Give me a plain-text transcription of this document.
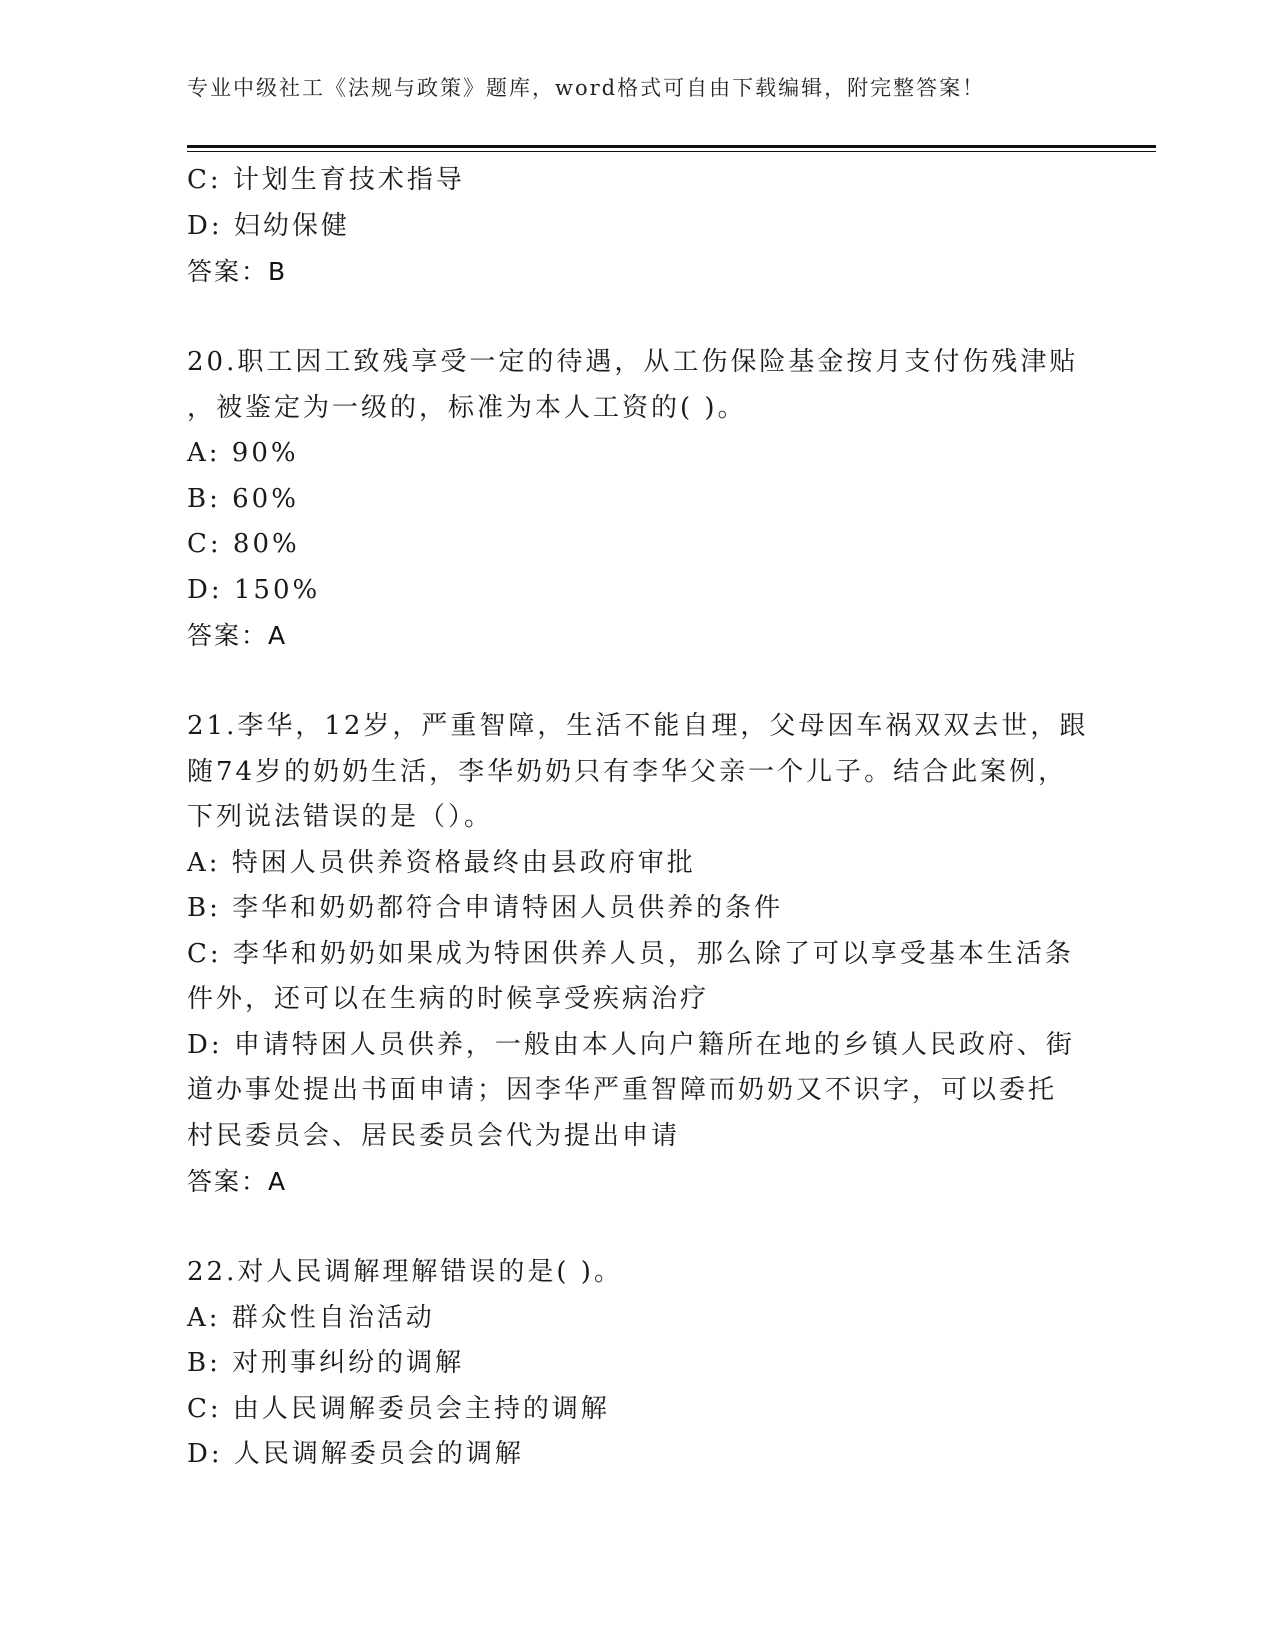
专业中级社工《法规与政策》题库，word格式可自由下载编辑，附完整答案！
C: 计划生育技术指导
D: 妇幼保健
答案：B
20.职工因工致残享受一定的待遇，从工伤保险基金按月支付伤残津贴
，被鉴定为一级的，标准为本人工资的( )。
A: 90%
B: 60%
C: 80%
D: 150%
答案：A
21.李华，12岁，严重智障，生活不能自理，父母因车祸双双去世，跟
随74岁的奶奶生活，李华奶奶只有李华父亲一个儿子。结合此案例，
下列说法错误的是（）。
A: 特困人员供养资格最终由县政府审批
B: 李华和奶奶都符合申请特困人员供养的条件
C: 李华和奶奶如果成为特困供养人员，那么除了可以享受基本生活条
件外，还可以在生病的时候享受疾病治疗
D: 申请特困人员供养，一般由本人向户籍所在地的乡镇人民政府、街
道办事处提出书面申请；因李华严重智障而奶奶又不识字，可以委托
村民委员会、居民委员会代为提出申请
答案：A
22.对人民调解理解错误的是( )。
A: 群众性自治活动
B: 对刑事纠纷的调解
C: 由人民调解委员会主持的调解
D: 人民调解委员会的调解
